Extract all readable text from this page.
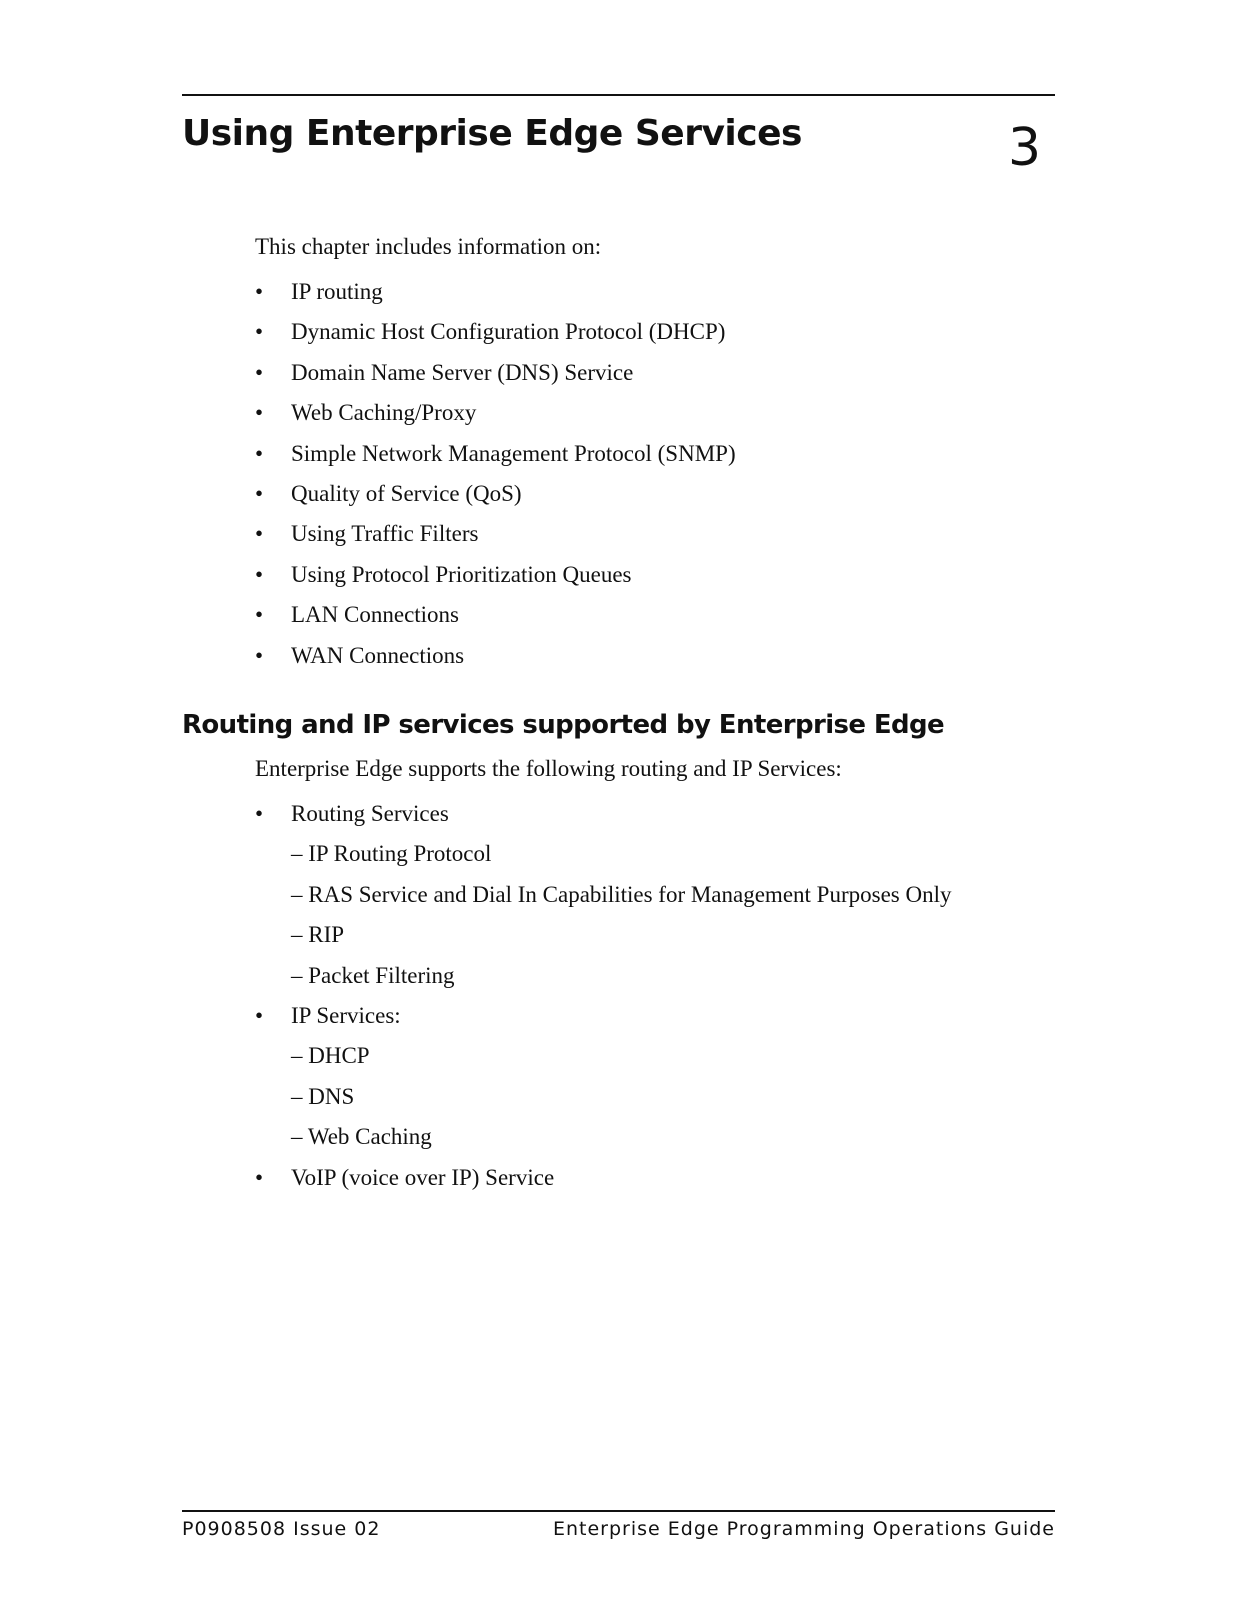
Using Enterprise Edge Services	3

This chapter includes information on:

• IP routing
• Dynamic Host Configuration Protocol (DHCP)
• Domain Name Server (DNS) Service
• Web Caching/Proxy
• Simple Network Management Protocol (SNMP)
• Quality of Service (QoS)
• Using Traffic Filters
• Using Protocol Prioritization Queues
• LAN Connections
• WAN Connections
Routing and IP services supported by Enterprise Edge

Enterprise Edge supports the following routing and IP Services:

• Routing Services
– IP Routing Protocol
– RAS Service and Dial In Capabilities for Management Purposes Only
– RIP
– Packet Filtering
• IP Services:
– DHCP
– DNS
– Web Caching
• VoIP (voice over IP) Service
P0908508 Issue 02	Enterprise Edge Programming Operations Guide
